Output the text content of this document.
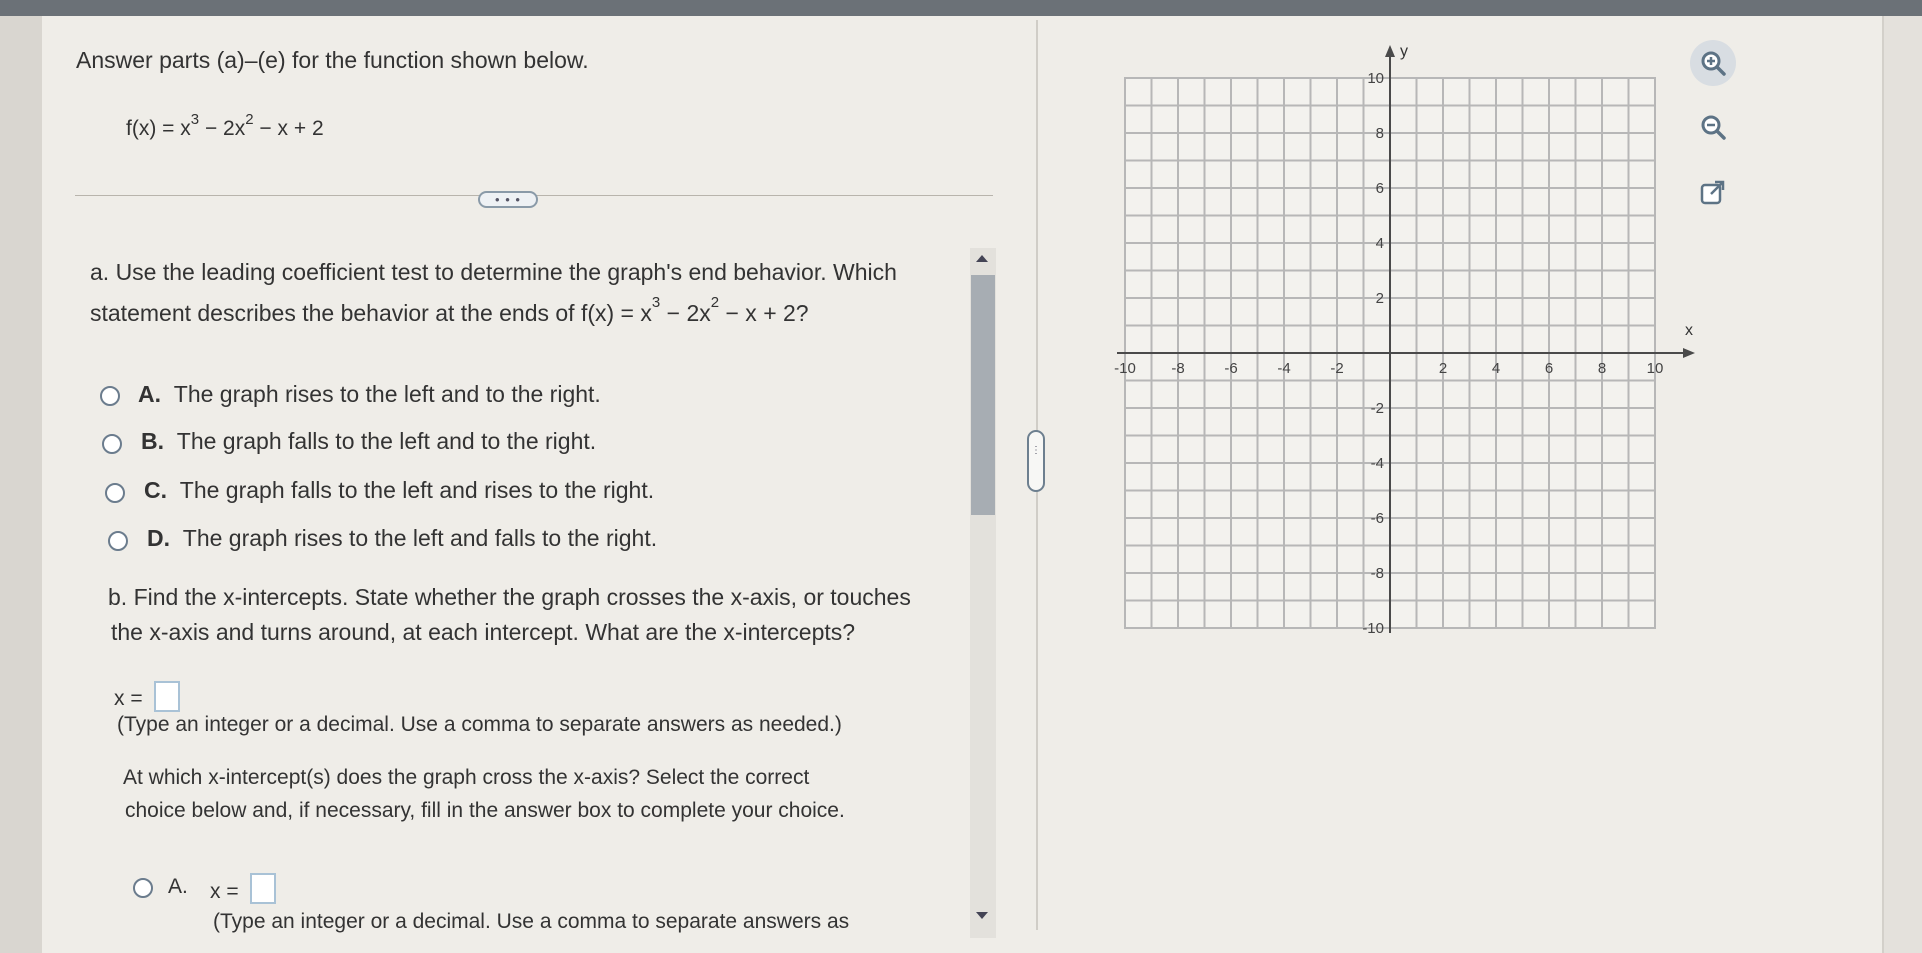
Answer parts (a)–(e) for the function shown below.
$f(x) = x^3 - 2x^2 - x + 2$
• • •
a. Use the leading coefficient test to determine the graph's end behavior. Which
statement describes the behavior at the ends of $f(x) = x^3 - 2x^2 - x + 2$?
A. The graph rises to the left and to the right.
B. The graph falls to the left and to the right.
C. The graph falls to the left and rises to the right.
D. The graph rises to the left and falls to the right.
b. Find the x-intercepts. State whether the graph crosses the x-axis, or touches
the x-axis and turns around, at each intercept. What are the x-intercepts?
x =
(Type an integer or a decimal. Use a comma to separate answers as needed.)
At which x-intercept(s) does the graph cross the x-axis? Select the correct
choice below and, if necessary, fill in the answer box to complete your choice.
A. x =
(Type an integer or a decimal. Use a comma to separate answers as
⋮
x
y
-10 -8	-6	-4	-2	2	4	6	8	10
10
8
6
4
2
-2
-4
-6
-8
-10
